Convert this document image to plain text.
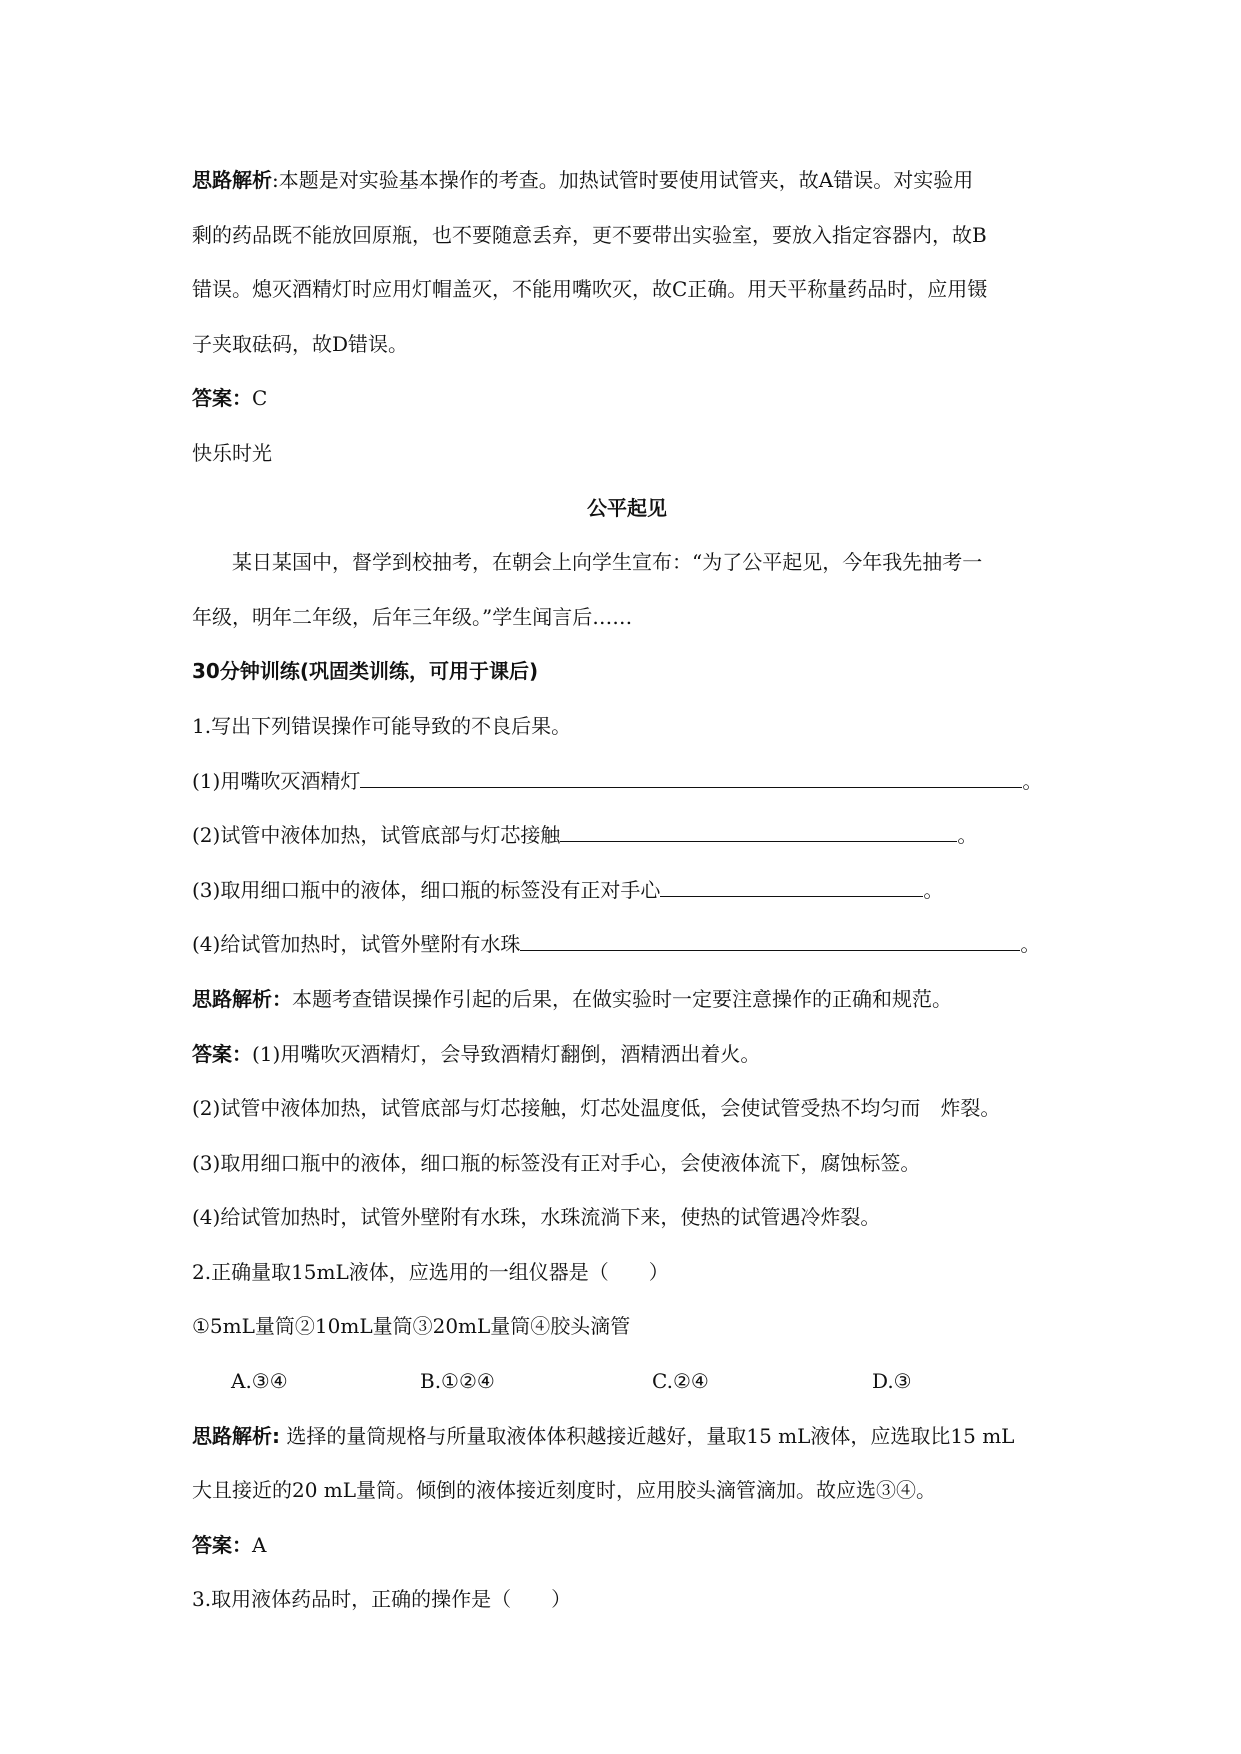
思路解析:本题是对实验基本操作的考查。加热试管时要使用试管夹，故A错误。对实验用
剩的药品既不能放回原瓶，也不要随意丢弃，更不要带出实验室，要放入指定容器内，故B
错误。熄灭酒精灯时应用灯帽盖灭，不能用嘴吹灭，故C正确。用天平称量药品时，应用镊
子夹取砝码，故D错误。
答案：C
快乐时光
公平起见
某日某国中，督学到校抽考，在朝会上向学生宣布：“为了公平起见，今年我先抽考一
年级，明年二年级，后年三年级。”学生闻言后……
30分钟训练(巩固类训练，可用于课后)
1.写出下列错误操作可能导致的不良后果。
(1)用嘴吹灭酒精灯	。
(2)试管中液体加热，试管底部与灯芯接触	。
(3)取用细口瓶中的液体，细口瓶的标签没有正对手心	。
(4)给试管加热时，试管外壁附有水珠	。
思路解析：本题考查错误操作引起的后果，在做实验时一定要注意操作的正确和规范。
答案：(1)用嘴吹灭酒精灯，会导致酒精灯翻倒，酒精洒出着火。
(2)试管中液体加热，试管底部与灯芯接触，灯芯处温度低，会使试管受热不均匀而　炸裂。
(3)取用细口瓶中的液体，细口瓶的标签没有正对手心，会使液体流下，腐蚀标签。
(4)给试管加热时，试管外壁附有水珠，水珠流淌下来，使热的试管遇冷炸裂。
2.正确量取15mL液体，应选用的一组仪器是（　　）
①5mL量筒②10mL量筒③20mL量筒④胶头滴管
A.③④	B.①②④	C.②④	D.③
思路解析: 选择的量筒规格与所量取液体体积越接近越好，量取15 mL液体，应选取比15 mL
大且接近的20 mL量筒。倾倒的液体接近刻度时，应用胶头滴管滴加。故应选③④。
答案：A
3.取用液体药品时，正确的操作是（　　）
